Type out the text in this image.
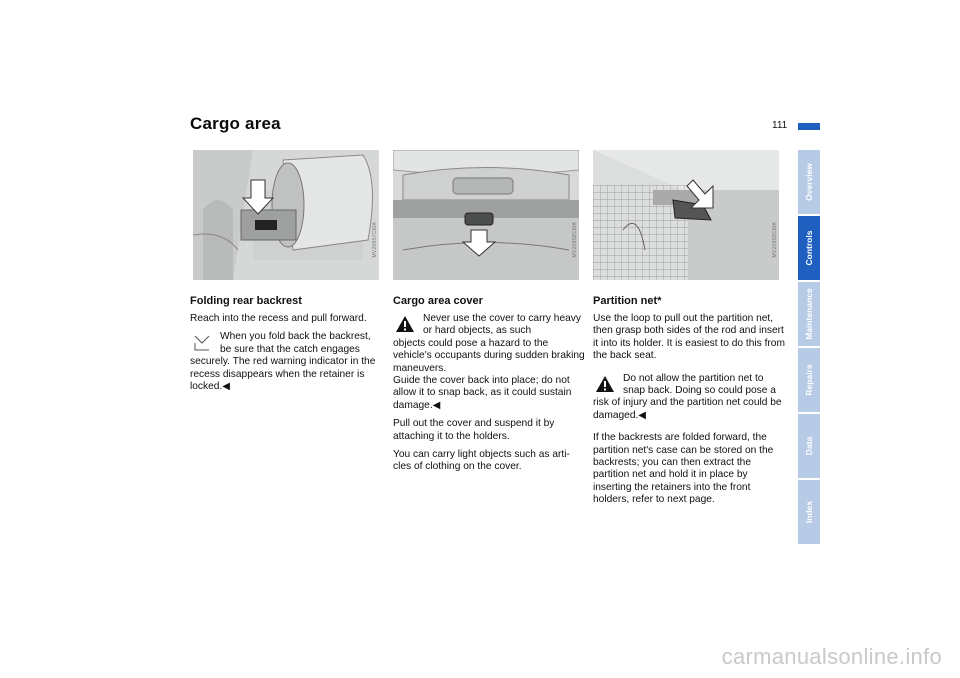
Cargo area	111
MV20957CMA	MV20958CMA	MV20959CMA
Folding rear backrest

Reach into the recess and pull forward.

When you fold back the backrest, be sure that the catch engages
securely. The red warning indicator in the recess disappears when the retainer is locked.◀
Cargo area cover
Never use the cover to carry heavy or hard objects, as such
objects could pose a hazard to the vehicle's occupants during sudden braking maneuvers.
Guide the cover back into place; do not allow it to snap back, as it could sustain damage.◀

Pull out the cover and suspend it by attaching it to the holders.

You can carry light objects such as arti- cles of clothing on the cover.

Partition net*

Use the loop to pull out the partition net, then grasp both sides of the rod and insert it into its holder. It is easiest to do this from the back seat.

Do not allow the partition net to snap back. Doing so could pose a
risk of injury and the partition net could be damaged.◀

If the backrests are folded forward, the partition net's case can be stored on the backrests; you can then extract the partition net and hold it in place by inserting the retainers into the front holders, refer to next page.

Overview
Controls
Maintenance
Repairs
Data
Index
carmanualsonline.info
